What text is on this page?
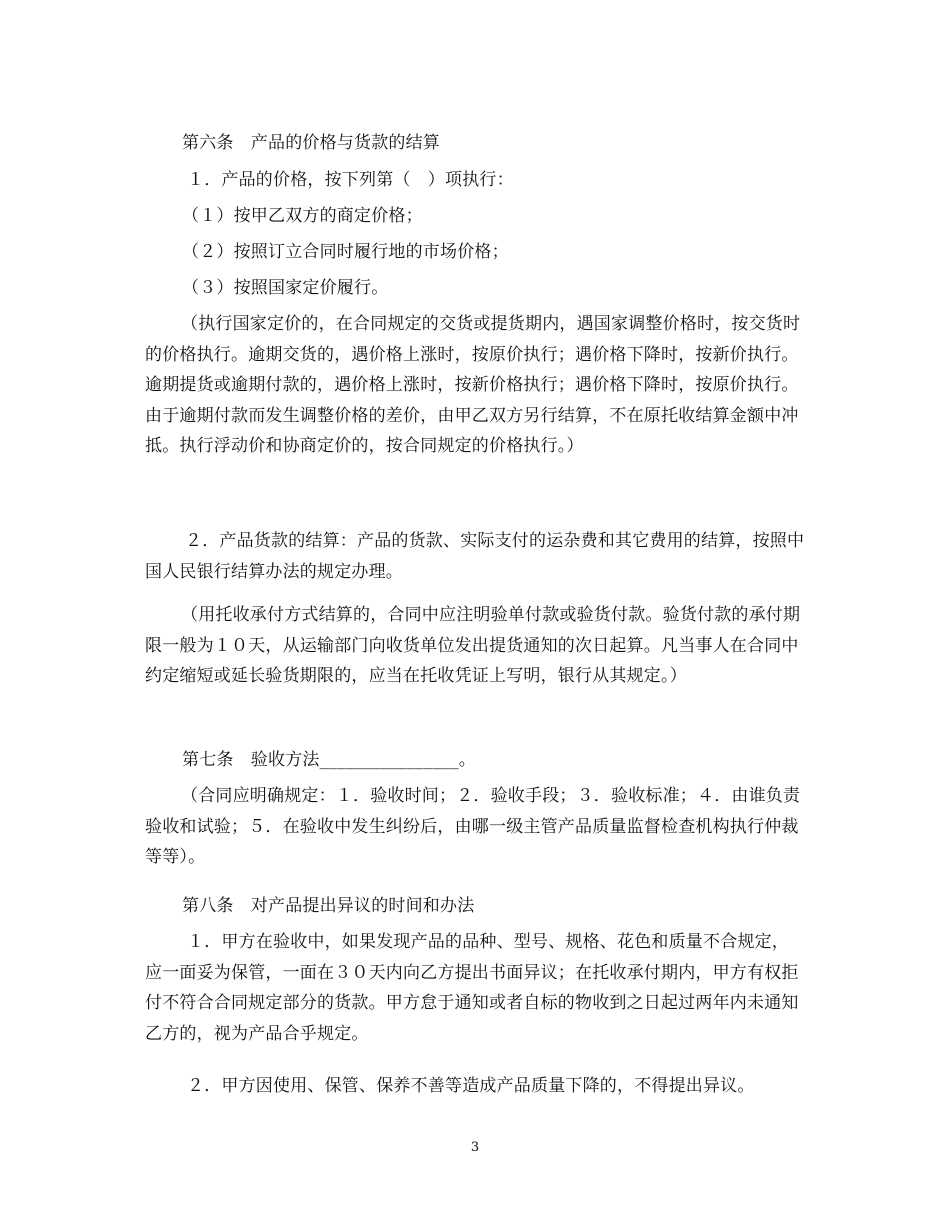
第六条　产品的价格与货款的结算

１．产品的价格，按下列第（　）项执行：

（１）按甲乙双方的商定价格；

（２）按照订立合同时履行地的市场价格；

（３）按照国家定价履行。

（执行国家定价的，在合同规定的交货或提货期内，遇国家调整价格时，按交货时的价格执行。逾期交货的，遇价格上涨时，按原价执行；遇价格下降时，按新价执行。逾期提货或逾期付款的，遇价格上涨时，按新价格执行；遇价格下降时，按原价执行。由于逾期付款而发生调整价格的差价，由甲乙双方另行结算，不在原托收结算金额中冲抵。执行浮动价和协商定价的，按合同规定的价格执行。）

２．产品货款的结算：产品的货款、实际支付的运杂费和其它费用的结算，按照中国人民银行结算办法的规定办理。

（用托收承付方式结算的，合同中应注明验单付款或验货付款。验货付款的承付期限一般为１０天，从运输部门向收货单位发出提货通知的次日起算。凡当事人在合同中约定缩短或延长验货期限的，应当在托收凭证上写明，银行从其规定。）

第七条　验收方法________________。

（合同应明确规定：１．验收时间；２．验收手段；３．验收标准；４．由谁负责验收和试验；５．在验收中发生纠纷后，由哪一级主管产品质量监督检查机构执行仲裁等等）。

第八条　对产品提出异议的时间和办法

１．甲方在验收中，如果发现产品的品种、型号、规格、花色和质量不合规定，应一面妥为保管，一面在３０天内向乙方提出书面异议；在托收承付期内，甲方有权拒付不符合合同规定部分的货款。甲方怠于通知或者自标的物收到之日起过两年内未通知乙方的，视为产品合乎规定。

２．甲方因使用、保管、保养不善等造成产品质量下降的，不得提出异议。

3
